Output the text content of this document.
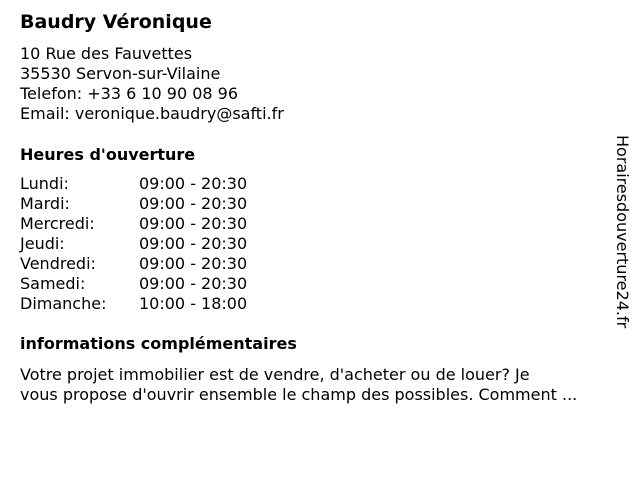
Baudry Véronique
10 Rue des Fauvettes
35530 Servon-sur-Vilaine
Telefon: +33 6 10 90 08 96
Email: veronique.baudry@safti.fr
Heures d'ouverture
Lundi:	09:00 - 20:30
Mardi:	09:00 - 20:30
Mercredi:	09:00 - 20:30
Jeudi:	09:00 - 20:30
Vendredi:	09:00 - 20:30
Samedi:	09:00 - 20:30
Dimanche: 10:00 - 18:00
informations complémentaires
Votre projet immobilier est de vendre, d'acheter ou de louer? Je
vous propose d'ouvrir ensemble le champ des possibles. Comment ...
Horairesdouverture24.fr
